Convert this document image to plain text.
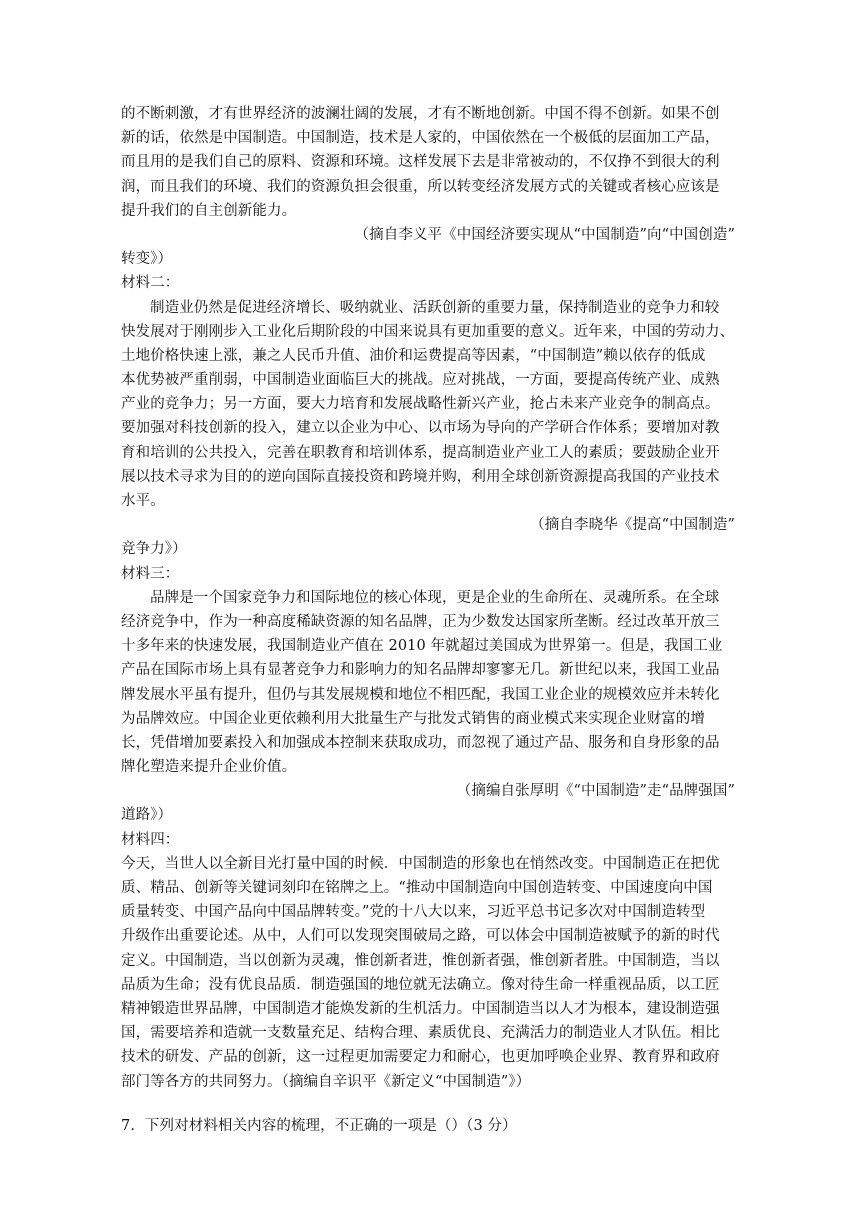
的不断刺激，才有世界经济的波澜壮阔的发展，才有不断地创新。中国不得不创新。如果不创
新的话，依然是中国制造。中国制造，技术是人家的，中国依然在一个极低的层面加工产品，
而且用的是我们自己的原料、资源和环境。这样发展下去是非常被动的，不仅挣不到很大的利
润，而且我们的环境、我们的资源负担会很重，所以转变经济发展方式的关键或者核心应该是
提升我们的自主创新能力。
（摘自李义平《中国经济要实现从“中国制造”向“中国创造”
转变》）
材料二：
制造业仍然是促进经济增长、吸纳就业、活跃创新的重要力量，保持制造业的竞争力和较
快发展对于刚刚步入工业化后期阶段的中国来说具有更加重要的意义。近年来，中国的劳动力、
土地价格快速上涨，兼之人民币升值、油价和运费提高等因素，“中国制造”赖以依存的低成
本优势被严重削弱，中国制造业面临巨大的挑战。应对挑战，一方面，要提高传统产业、成熟
产业的竞争力；另一方面，要大力培育和发展战略性新兴产业，抢占未来产业竞争的制高点。
要加强对科技创新的投入，建立以企业为中心、以市场为导向的产学研合作体系；要增加对教
育和培训的公共投入，完善在职教育和培训体系，提高制造业产业工人的素质；要鼓励企业开
展以技术寻求为目的的逆向国际直接投资和跨境并购，利用全球创新资源提高我国的产业技术
水平。
（摘自李晓华《提高“中国制造”
竞争力》）
材料三：
品牌是一个国家竞争力和国际地位的核心体现，更是企业的生命所在、灵魂所系。在全球
经济竞争中，作为一种高度稀缺资源的知名品牌，正为少数发达国家所垄断。经过改革开放三
十多年来的快速发展，我国制造业产值在 2010 年就超过美国成为世界第一。但是，我国工业
产品在国际市场上具有显著竞争力和影响力的知名品牌却寥寥无几。新世纪以来，我国工业品
牌发展水平虽有提升，但仍与其发展规模和地位不相匹配，我国工业企业的规模效应并未转化
为品牌效应。中国企业更依赖利用大批量生产与批发式销售的商业模式来实现企业财富的增
长，凭借增加要素投入和加强成本控制来获取成功，而忽视了通过产品、服务和自身形象的品
牌化塑造来提升企业价值。
（摘编自张厚明《“中国制造”走“品牌强国”
道路》）
材料四：
今天，当世人以全新目光打量中国的时候．中国制造的形象也在悄然改变。中国制造正在把优
质、精品、创新等关键词刻印在铭牌之上。“推动中国制造向中国创造转变、中国速度向中国
质量转变、中国产品向中国品牌转变。”党的十八大以来，习近平总书记多次对中国制造转型
升级作出重要论述。从中，人们可以发现突围破局之路，可以体会中国制造被赋予的新的时代
定义。中国制造，当以创新为灵魂，惟创新者进，惟创新者强，惟创新者胜。中国制造，当以
品质为生命；没有优良品质．制造强国的地位就无法确立。像对待生命一样重视品质，以工匠
精神锻造世界品牌，中国制造才能焕发新的生机活力。中国制造当以人才为根本，建设制造强
国，需要培养和造就一支数量充足、结构合理、素质优良、充满活力的制造业人才队伍。相比
技术的研发、产品的创新，这一过程更加需要定力和耐心，也更加呼唤企业界、教育界和政府
部门等各方的共同努力。（摘编自辛识平《新定义“中国制造”》）
7．下列对材料相关内容的梳理，不正确的一项是（）（3 分）
